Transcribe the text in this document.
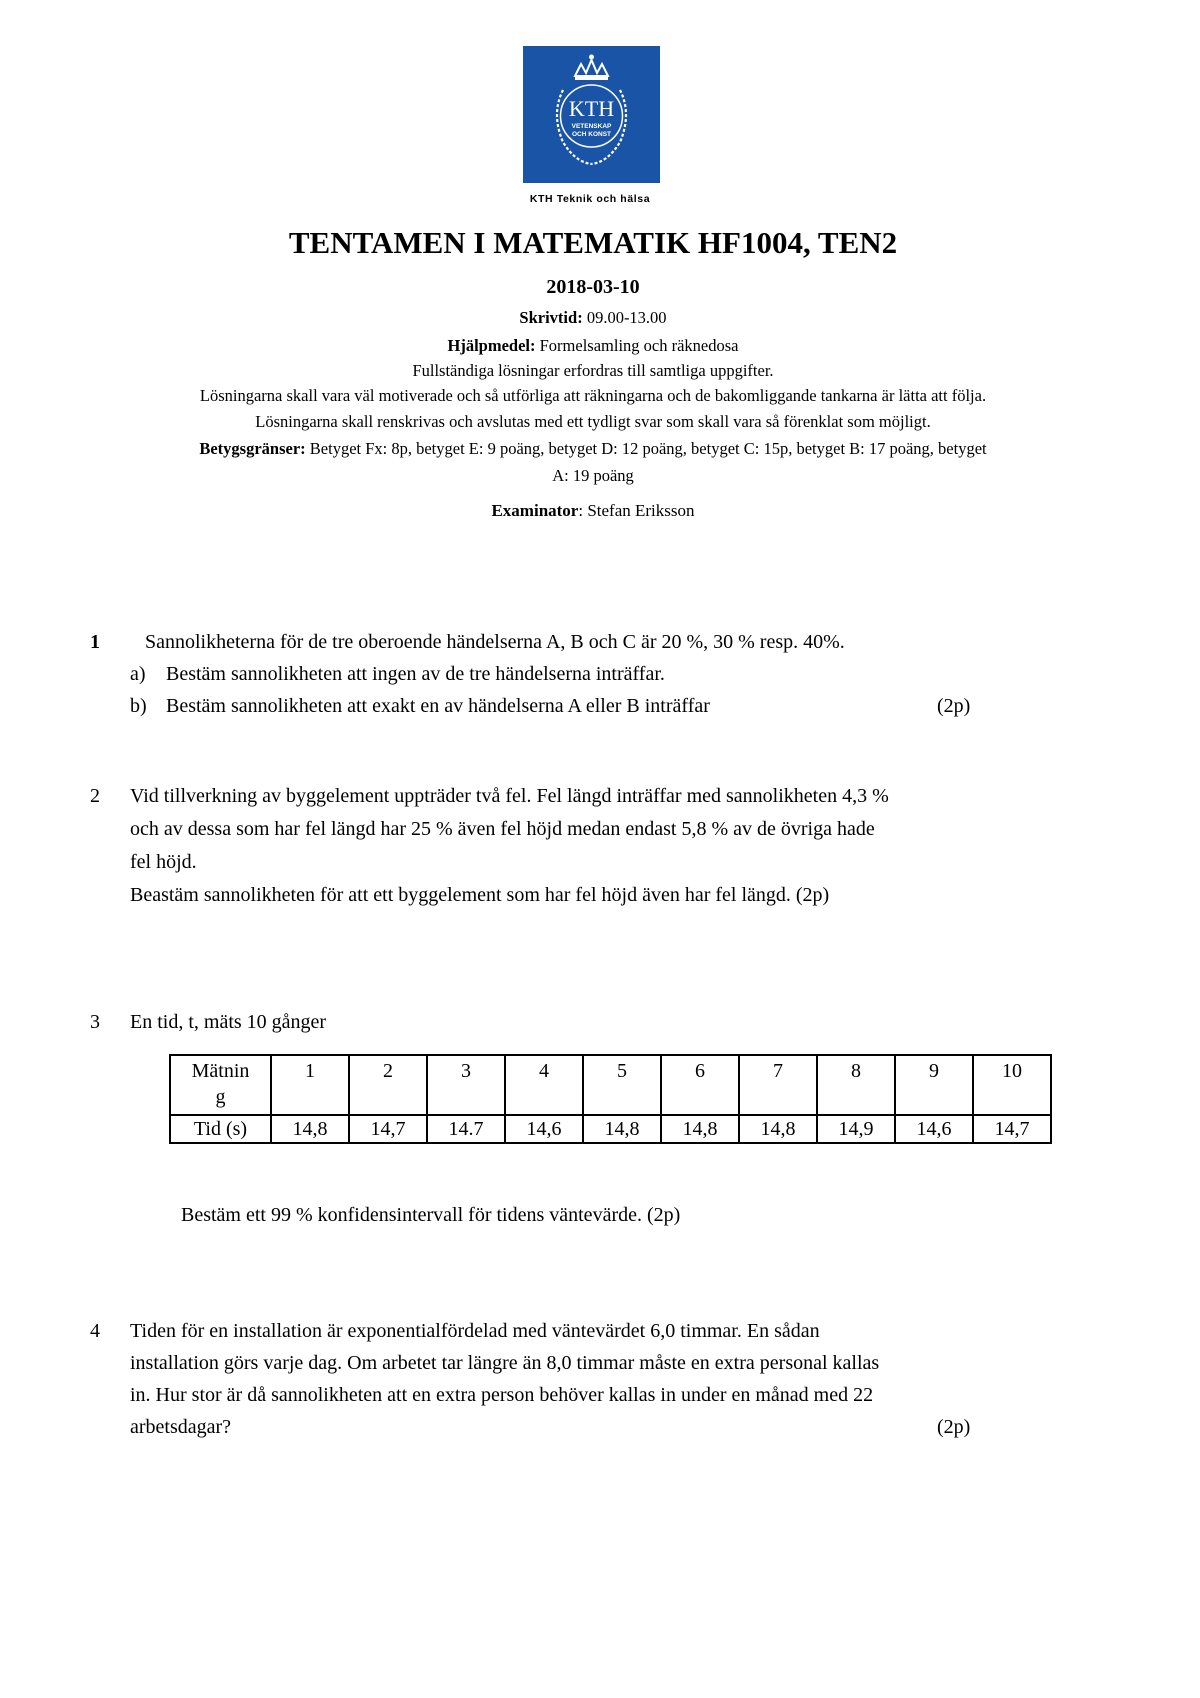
KTH
VETENSKAP
OCH KONST
KTH Teknik och hälsa
TENTAMEN I MATEMATIK HF1004, TEN2
2018-03-10
Skrivtid: 09.00-13.00
Hjälpmedel: Formelsamling och räknedosa
Fullständiga lösningar erfordras till samtliga uppgifter.
Lösningarna skall vara väl motiverade och så utförliga att räkningarna och de bakomliggande tankarna är lätta att följa.
Lösningarna skall renskrivas och avslutas med ett tydligt svar som skall vara så förenklat som möjligt.
Betygsgränser: Betyget Fx: 8p, betyget E: 9 poäng, betyget D: 12 poäng, betyget C: 15p, betyget B: 17 poäng, betyget
A: 19 poäng
Examinator: Stefan Eriksson
1 Sannolikheterna för de tre oberoende händelserna A, B och C är 20 %, 30 % resp. 40%.
a) Bestäm sannolikheten att ingen av de tre händelserna inträffar.
b) Bestäm sannolikheten att exakt en av händelserna A eller B inträffar	(2p)
2 Vid tillverkning av byggelement uppträder två fel. Fel längd inträffar med sannolikheten 4,3 %
och av dessa som har fel längd har 25 % även fel höjd medan endast 5,8 % av de övriga hade
fel höjd.
Beastäm sannolikheten för att ett byggelement som har fel höjd även har fel längd. (2p)
3 En tid, t, mäts 10 gånger
Mätnin
g	1	2	3	4	5	6	7	8	9	10
Tid (s)	14,8	14,7	14.7	14,6	14,8	14,8	14,8	14,9	14,6	14,7
Bestäm ett 99 % konfidensintervall för tidens väntevärde. (2p)
4 Tiden för en installation är exponentialfördelad med väntevärdet 6,0 timmar. En sådan
installation görs varje dag. Om arbetet tar längre än 8,0 timmar måste en extra personal kallas
in. Hur stor är då sannolikheten att en extra person behöver kallas in under en månad med 22
arbetsdagar?	(2p)
